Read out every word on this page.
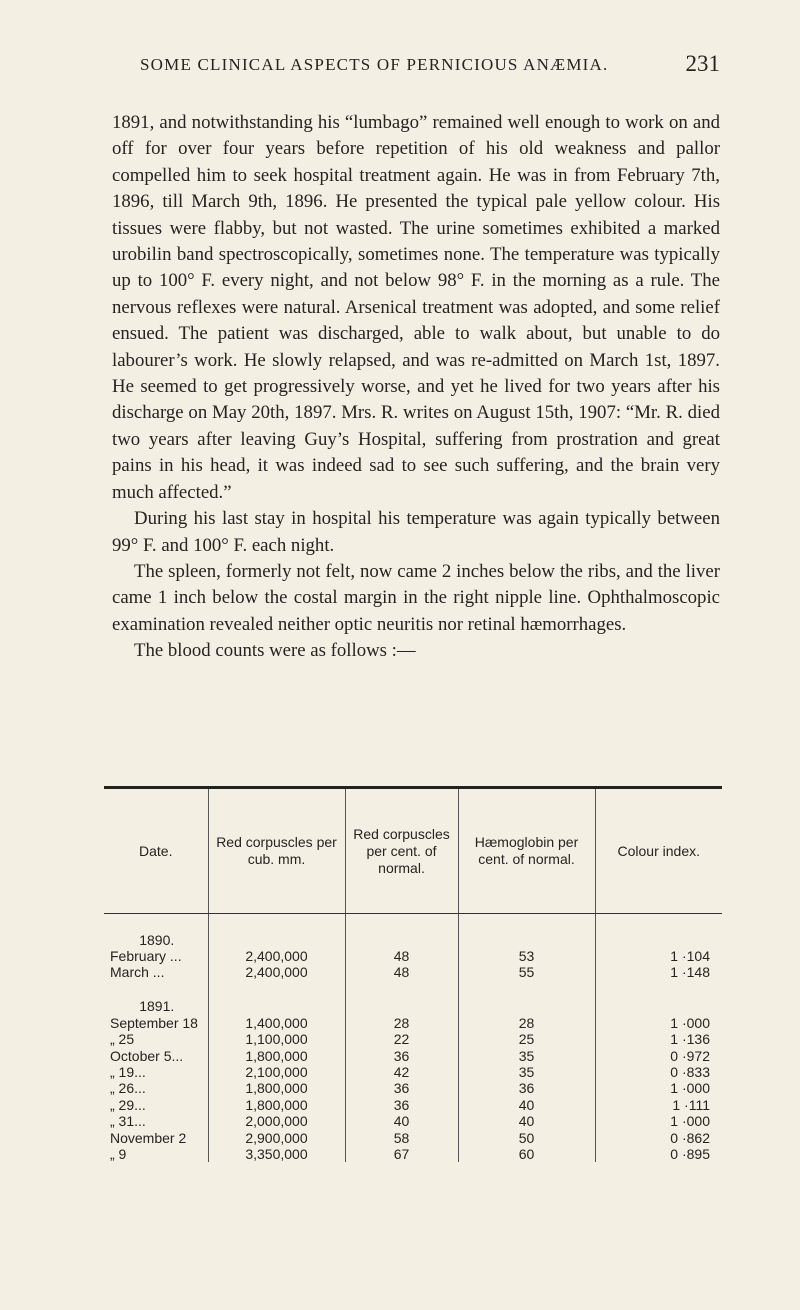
SOME CLINICAL ASPECTS OF PERNICIOUS ANÆMIA.	231

1891, and notwithstanding his “lumbago” remained well enough to work on and off for over four years before repetition of his old weakness and pallor compelled him to seek hospital treatment again. He was in from February 7th, 1896, till March 9th, 1896. He presented the typical pale yellow colour. His tissues were flabby, but not wasted. The urine sometimes exhibited a marked urobilin band spectroscopically, sometimes none. The temperature was typically up to 100° F. every night, and not below 98° F. in the morning as a rule. The nervous reflexes were natural. Arsenical treatment was adopted, and some relief ensued. The patient was discharged, able to walk about, but unable to do labourer’s work. He slowly relapsed, and was re-admitted on March 1st, 1897. He seemed to get progressively worse, and yet he lived for two years after his discharge on May 20th, 1897. Mrs. R. writes on August 15th, 1907: “Mr. R. died two years after leaving Guy’s Hospital, suffering from prostration and great pains in his head, it was indeed sad to see such suffering, and the brain very much affected.”

During his last stay in hospital his temperature was again typically between 99° F. and 100° F. each night.

The spleen, formerly not felt, now came 2 inches below the ribs, and the liver came 1 inch below the costal margin in the right nipple line. Ophthalmoscopic examination revealed neither optic neuritis nor retinal hæmorrhages.

The blood counts were as follows :—

Date.	Red corpuscles per cub. mm.	Red corpuscles per cent. of normal.	Hæmoglobin per cent. of normal.	Colour index.

1890.				
February ...	2,400,000	48	53	1 ·104
March ...	2,400,000	48	55	1 ·148

1891.				
September 18	1,400,000	28	28	1 ·000
„ 25	1,100,000	22	25	1 ·136
October 5...	1,800,000	36	35	0 ·972
„ 19...	2,100,000	42	35	0 ·833
„ 26...	1,800,000	36	36	1 ·000
„ 29...	1,800,000	36	40	1 ·111
„ 31...	2,000,000	40	40	1 ·000
November 2	2,900,000	58	50	0 ·862
„ 9	3,350,000	67	60	0 ·895
